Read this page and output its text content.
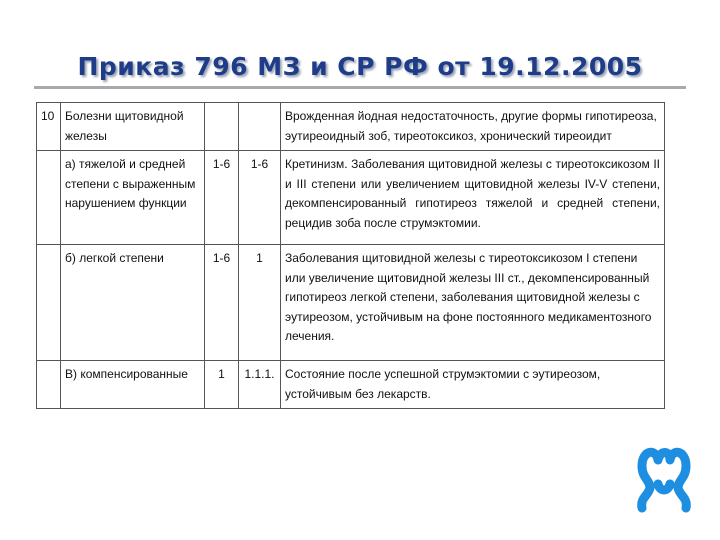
Приказ 796 МЗ и СР РФ от 19.12.2005
10	Болезни щитовидной железы			Врожденная йодная недостаточность, другие формы гипотиреоза, эутиреоидный зоб, тиреотоксикоз, хронический тиреоидит
	а) тяжелой и средней степени с выраженным нарушением функции	1-6	1-6	Кретинизм. Заболевания щитовидной железы с тиреотоксикозом II и III степени или увеличением щитовидной железы IV-V степени, декомпенсированный гипотиреоз тяжелой и средней степени, рецидив зоба после струмэктомии.
	б) легкой степени	1-6	1	Заболевания щитовидной железы с тиреотоксикозом I степени или увеличение щитовидной железы III ст., декомпенсированный гипотиреоз легкой степени, заболевания щитовидной железы с эутиреозом, устойчивым на фоне постоянного медикаментозного лечения.
	В) компенсированные	1	1.1.1.	Состояние после успешной струмэктомии с эутиреозом, устойчивым без лекарств.
